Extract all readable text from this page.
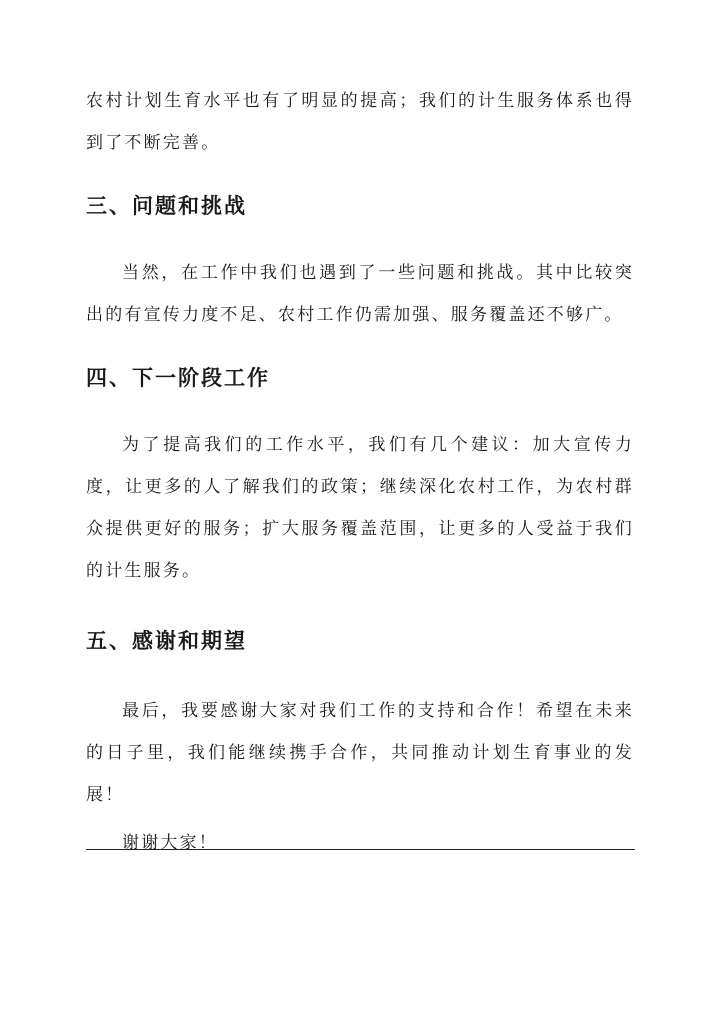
农村计划生育水平也有了明显的提高；我们的计生服务体系也得到了不断完善。

三、问题和挑战

当然，在工作中我们也遇到了一些问题和挑战。其中比较突出的有宣传力度不足、农村工作仍需加强、服务覆盖还不够广。

四、下一阶段工作

为了提高我们的工作水平，我们有几个建议：加大宣传力度，让更多的人了解我们的政策；继续深化农村工作，为农村群众提供更好的服务；扩大服务覆盖范围，让更多的人受益于我们的计生服务。

五、感谢和期望

最后，我要感谢大家对我们工作的支持和合作！希望在未来的日子里，我们能继续携手合作，共同推动计划生育事业的发展！

谢谢大家！
